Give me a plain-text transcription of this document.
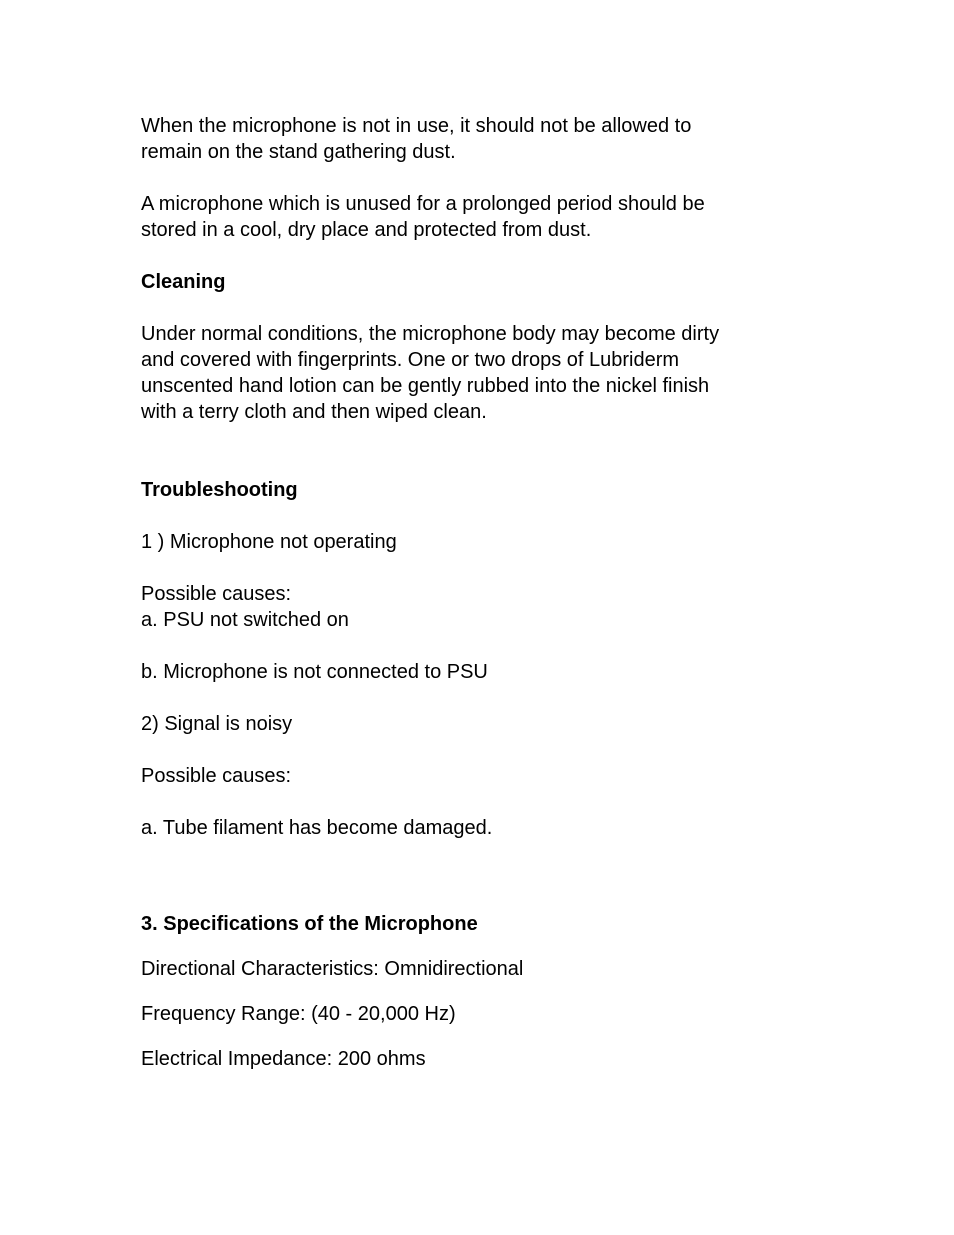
When the microphone is not in use, it should not be allowed to

remain on the stand gathering dust.

A microphone which is unused for a prolonged period should be

stored in a cool, dry place and protected from dust.

Cleaning

Under normal conditions, the microphone body may become dirty

and covered with fingerprints. One or two drops of Lubriderm

unscented hand lotion can be gently rubbed into the nickel finish

with a terry cloth and then wiped clean.

Troubleshooting

1 ) Microphone not operating

Possible causes:

a. PSU not switched on

b. Microphone is not connected to PSU

2) Signal is noisy

Possible causes:

a. Tube filament has become damaged.

3. Specifications of the Microphone

Directional Characteristics: Omnidirectional

Frequency Range: (40 - 20,000 Hz)

Electrical Impedance: 200 ohms
